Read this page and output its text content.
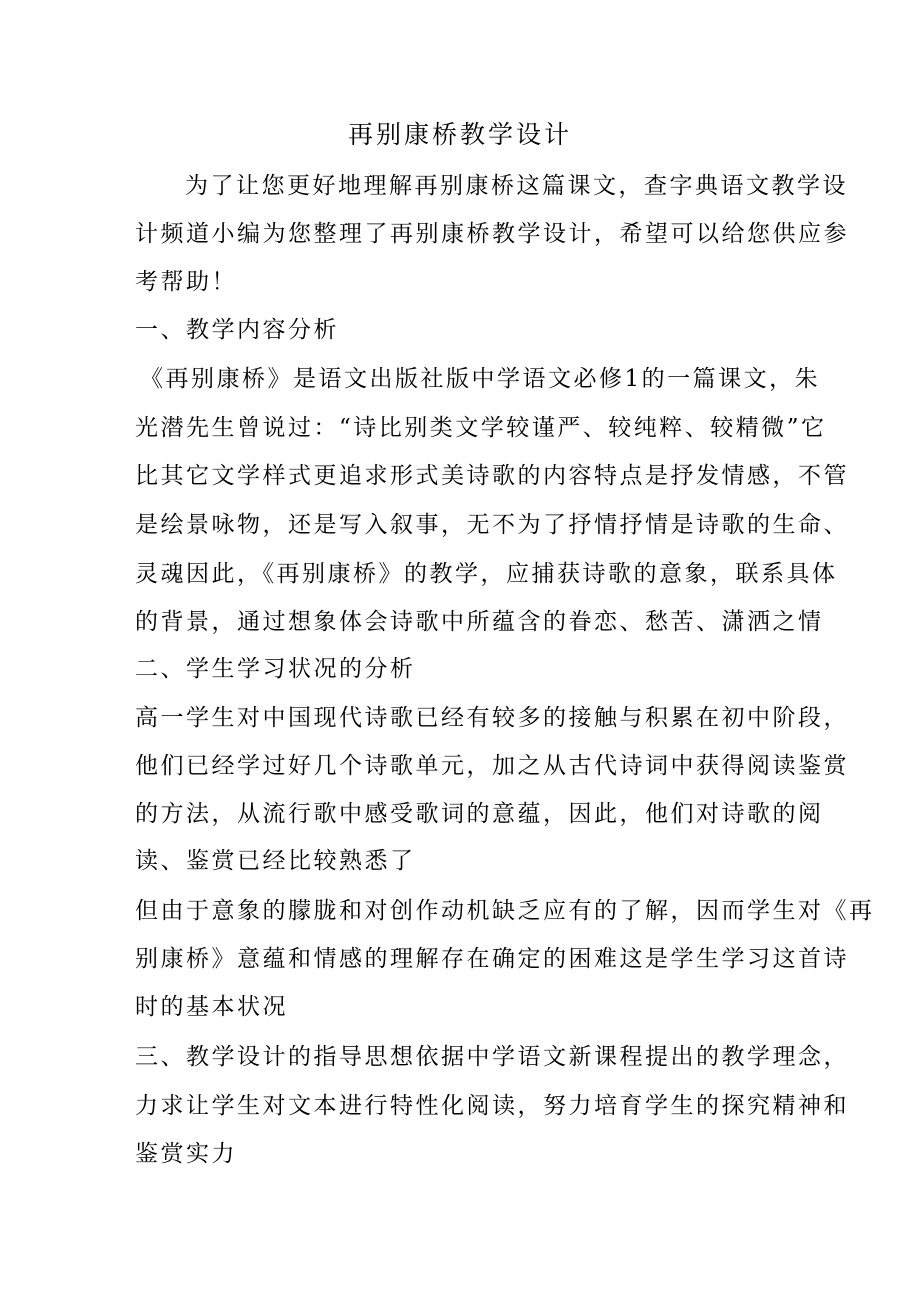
再别康桥教学设计

为了让您更好地理解再别康桥这篇课文，查字典语文教学设

计频道小编为您整理了再别康桥教学设计，希望可以给您供应参

考帮助！

一、教学内容分析

《再别康桥》是语文出版社版中学语文必修1的一篇课文，朱

光潜先生曾说过：“诗比别类文学较谨严、较纯粹、较精微”它

比其它文学样式更追求形式美诗歌的内容特点是抒发情感，不管

是绘景咏物，还是写入叙事，无不为了抒情抒情是诗歌的生命、

灵魂因此，《再别康桥》的教学，应捕获诗歌的意象，联系具体

的背景，通过想象体会诗歌中所蕴含的眷恋、愁苦、潇洒之情

二、学生学习状况的分析

高一学生对中国现代诗歌已经有较多的接触与积累在初中阶段，

他们已经学过好几个诗歌单元，加之从古代诗词中获得阅读鉴赏

的方法，从流行歌中感受歌词的意蕴，因此，他们对诗歌的阅

读、鉴赏已经比较熟悉了

但由于意象的朦胧和对创作动机缺乏应有的了解，因而学生对《再

别康桥》意蕴和情感的理解存在确定的困难这是学生学习这首诗

时的基本状况

三、教学设计的指导思想依据中学语文新课程提出的教学理念，

力求让学生对文本进行特性化阅读，努力培育学生的探究精神和

鉴赏实力
